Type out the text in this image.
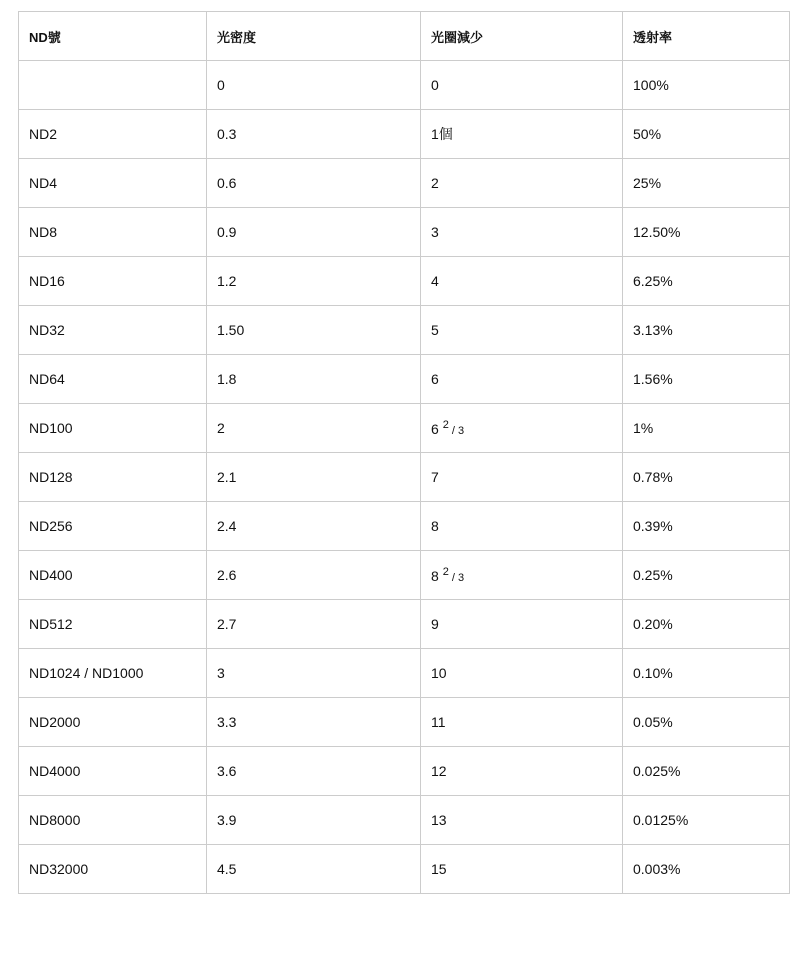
ND號	光密度	光圈減少	透射率
	0	0	100%
ND2	0.3	1個	50%
ND4	0.6	2	25%
ND8	0.9	3	12.50%
ND16	1.2	4	6.25%
ND32	1.50	5	3.13%
ND64	1.8	6	1.56%
ND100	2	6 $^2$ / 3	1%
ND128	2.1	7	0.78%
ND256	2.4	8	0.39%
ND400	2.6	8 $^2$ / 3	0.25%
ND512	2.7	9	0.20%
ND1024 / ND1000	3	10	0.10%
ND2000	3.3	11	0.05%
ND4000	3.6	12	0.025%
ND8000	3.9	13	0.0125%
ND32000	4.5	15	0.003%
